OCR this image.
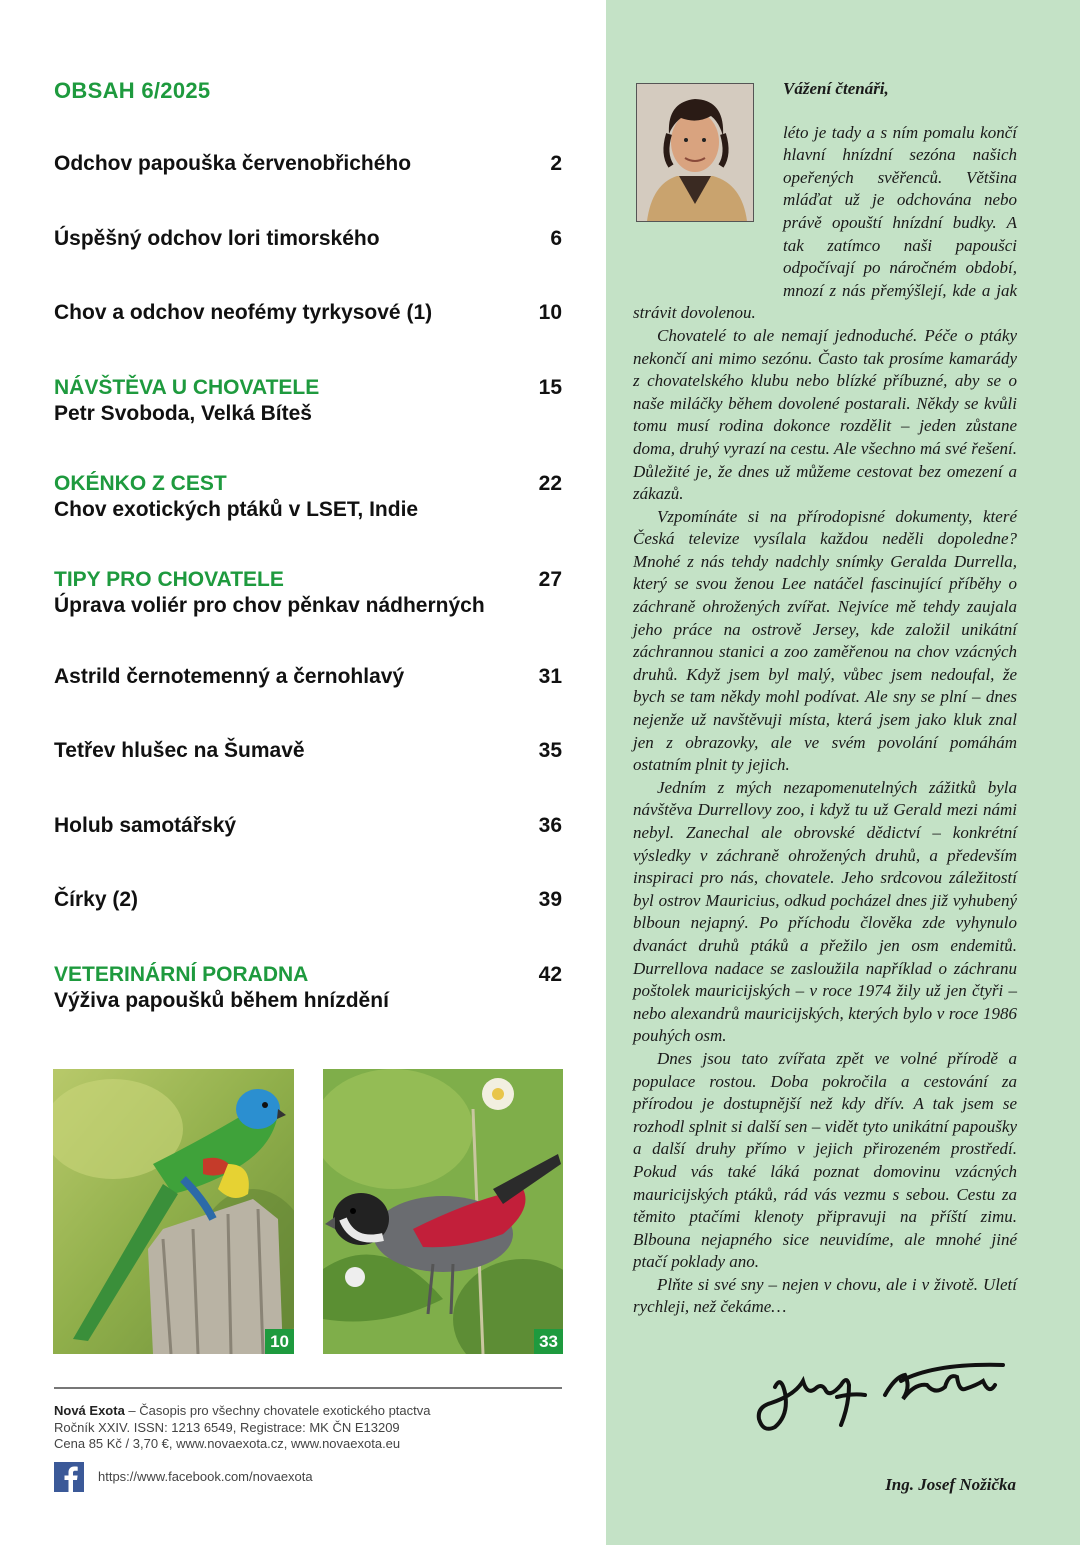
OBSAH 6/2025
Odchov papouška červenobřichého	2
Úspěšný odchov lori timorského	6
Chov a odchov neofémy tyrkysové (1)	10
NÁVŠTĚVA U CHOVATELE	15
Petr Svoboda, Velká Bíteš
OKÉNKO Z CEST	22
Chov exotických ptáků v LSET, Indie
TIPY PRO CHOVATELE	27
Úprava voliér pro chov pěnkav nádherných
Astrild černotemenný a černohlavý	31
Tetřev hlušec na Šumavě	35
Holub samotářský	36
Čírky (2)	39
VETERINÁRNÍ PORADNA	42
Výživa papoušků během hnízdění
10	33
Nová Exota – Časopis pro všechny chovatele exotického ptactva
Ročník XXIV. ISSN: 1213 6549, Registrace: MK ČN E13209
Cena 85 Kč / 3,70 €, www.novaexota.cz, www.novaexota.eu
https://www.facebook.com/novaexota
Vážení čtenáři,

léto je tady a s ním pomalu končí hlavní hnízdní sezóna našich opeřených svěřenců. Většina mláďat už je odchována nebo právě opouští hnízdní budky. A tak zatímco naši papoušci odpočívají po náročném období, mnozí z nás přemýšlejí, kde a jak strávit dovolenou.

Chovatelé to ale nemají jednoduché. Péče o ptáky nekončí ani mimo sezónu. Často tak prosíme kamarády z chovatelského klubu nebo blízké příbuzné, aby se o naše miláčky během dovolené postarali. Někdy se kvůli tomu musí rodina dokonce rozdělit – jeden zůstane doma, druhý vyrazí na cestu. Ale všechno má své řešení. Důležité je, že dnes už můžeme cestovat bez omezení a zákazů.

Vzpomínáte si na přírodopisné dokumenty, které Česká televize vysílala každou neděli dopoledne? Mnohé z nás tehdy nadchly snímky Geralda Durrella, který se svou ženou Lee natáčel fascinující příběhy o záchraně ohrožených zvířat. Nejvíce mě tehdy zaujala jeho práce na ostrově Jersey, kde založil unikátní záchrannou stanici a zoo zaměřenou na chov vzácných druhů. Když jsem byl malý, vůbec jsem nedoufal, že bych se tam někdy mohl podívat. Ale sny se plní – dnes nejenže už navštěvuji místa, která jsem jako kluk znal jen z obrazovky, ale ve svém povolání pomáhám ostatním plnit ty jejich.

Jedním z mých nezapomenutelných zážitků byla návštěva Durrellovy zoo, i když tu už Gerald mezi námi nebyl. Zanechal ale obrovské dědictví – konkrétní výsledky v záchraně ohrožených druhů, a především inspiraci pro nás, chovatele. Jeho srdcovou záležitostí byl ostrov Mauricius, odkud pocházel dnes již vyhubený blboun nejapný. Po příchodu člověka zde vyhynulo dvanáct druhů ptáků a přežilo jen osm endemitů. Durrellova nadace se zasloužila například o záchranu poštolek mauricijských – v roce 1974 žily už jen čtyři – nebo alexandrů mauricijských, kterých bylo v roce 1986 pouhých osm.

Dnes jsou tato zvířata zpět ve volné přírodě a populace rostou. Doba pokročila a cestování za přírodou je dostupnější než kdy dřív. A tak jsem se rozhodl splnit si další sen – vidět tyto unikátní papoušky a další druhy přímo v jejich přirozeném prostředí. Pokud vás také láká poznat domovinu vzácných mauricijských ptáků, rád vás vezmu s sebou. Cestu za těmito ptačími klenoty připravuji na příští zimu. Blbouna nejapného sice neuvidíme, ale mnohé jiné ptačí poklady ano.

Plňte si své sny – nejen v chovu, ale i v životě. Uletí rychleji, než čekáme…

Ing. Josef Nožička
